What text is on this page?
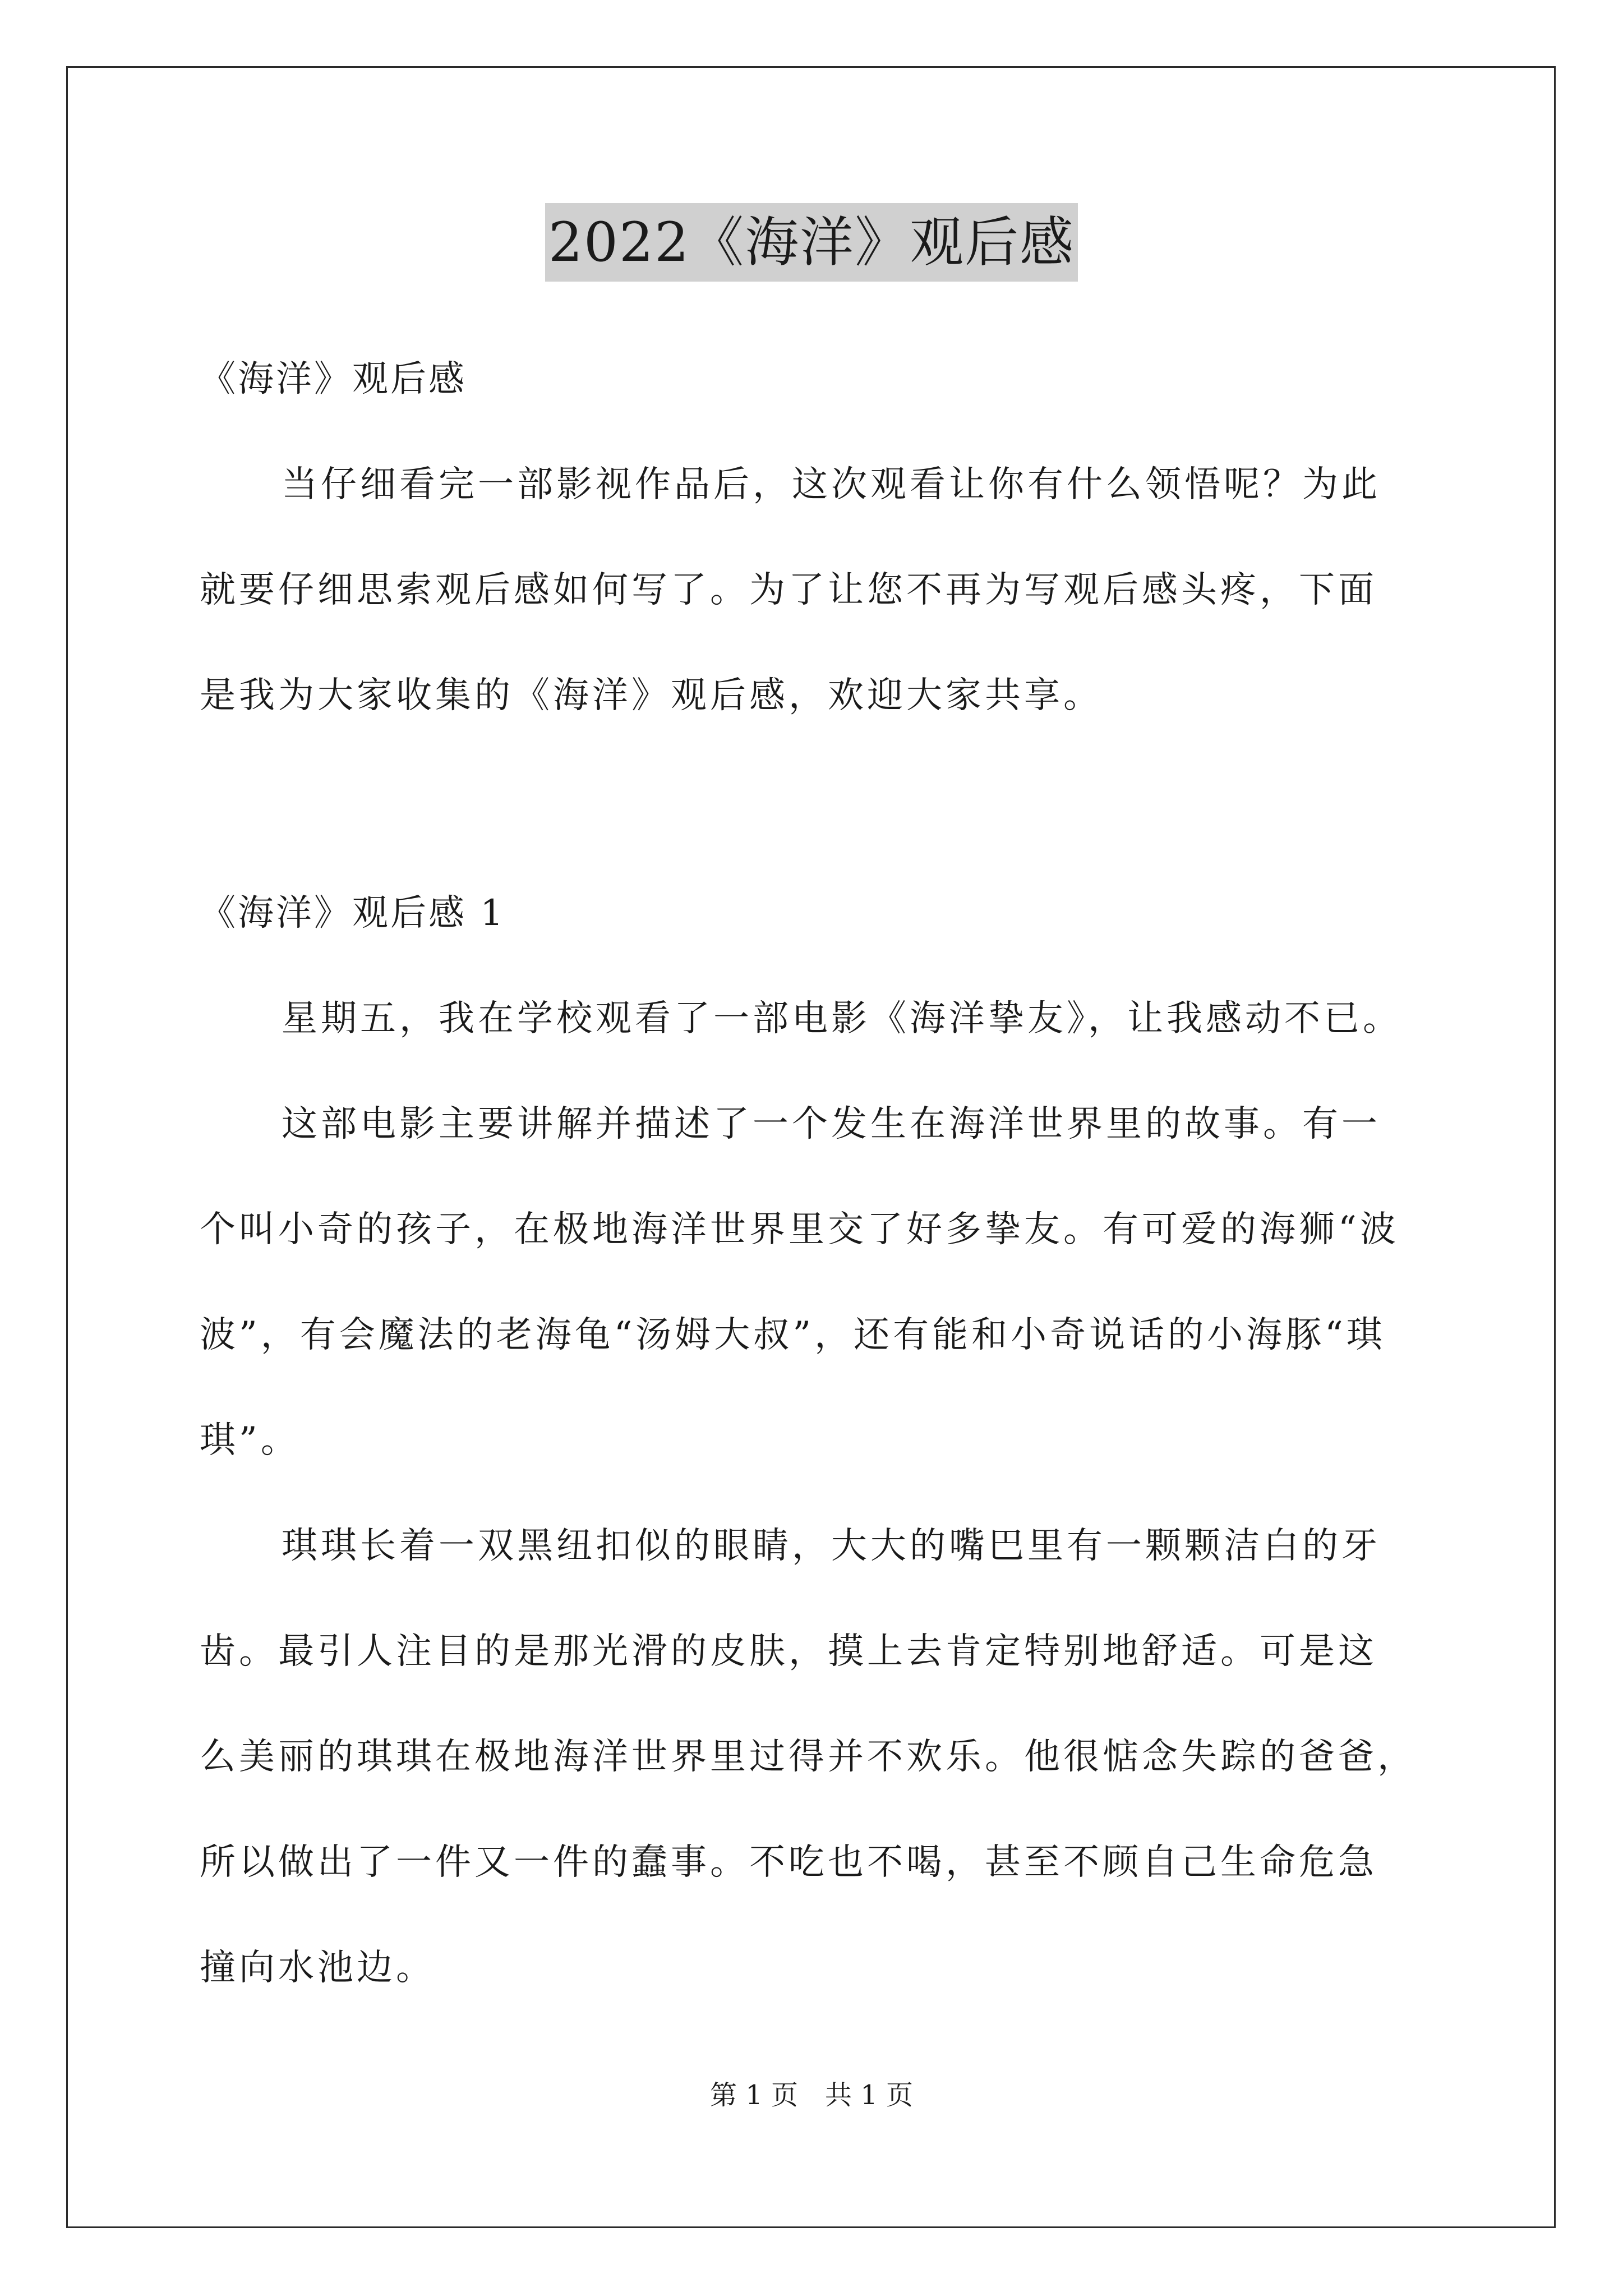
2022《海洋》观后感
《海洋》观后感
当仔细看完一部影视作品后，这次观看让你有什么领悟呢？为此
就要仔细思索观后感如何写了。为了让您不再为写观后感头疼，下面
是我为大家收集的《海洋》观后感，欢迎大家共享。
《海洋》观后感 1
星期五，我在学校观看了一部电影《海洋挚友》，让我感动不已。
这部电影主要讲解并描述了一个发生在海洋世界里的故事。有一
个叫小奇的孩子，在极地海洋世界里交了好多挚友。有可爱的海狮“波
波”，有会魔法的老海龟“汤姆大叔”，还有能和小奇说话的小海豚“琪
琪”。
琪琪长着一双黑纽扣似的眼睛，大大的嘴巴里有一颗颗洁白的牙
齿。最引人注目的是那光滑的皮肤，摸上去肯定特别地舒适。可是这
么美丽的琪琪在极地海洋世界里过得并不欢乐。他很惦念失踪的爸爸，
所以做出了一件又一件的蠢事。不吃也不喝，甚至不顾自己生命危急
撞向水池边。
第 1 页 共 1 页
